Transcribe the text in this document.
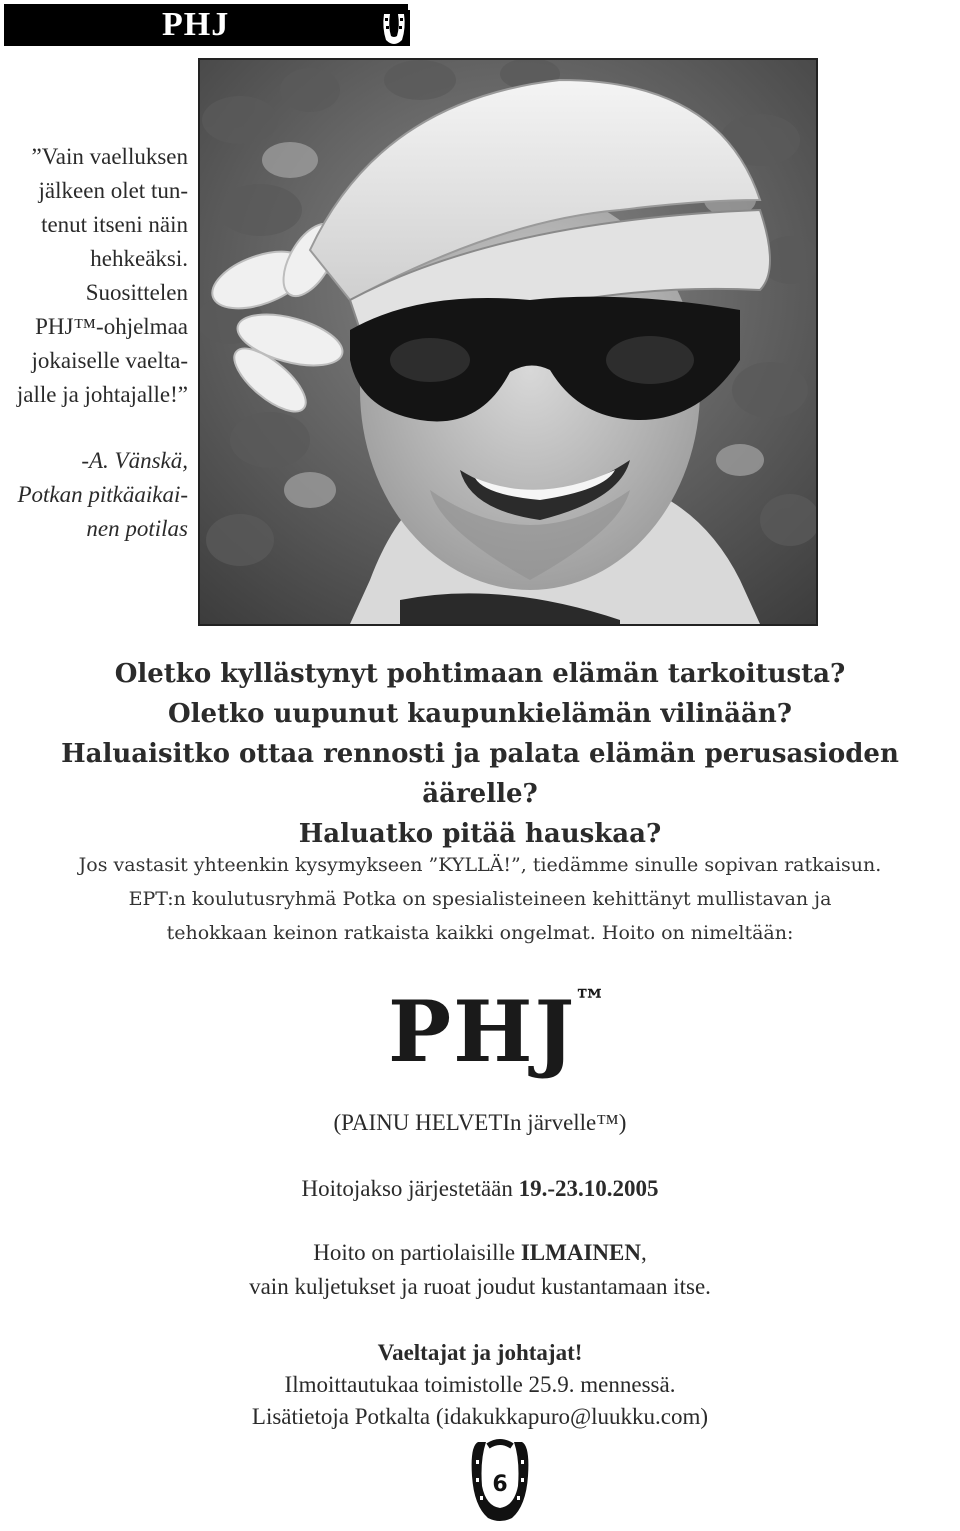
PHJ
”Vain vaelluksen
jälkeen olet tun-
tenut itseni näin
hehkeäksi.
Suosittelen
PHJ™-ohjelmaa
jokaiselle vaelta-
jalle ja johtajalle!”
-A. Vänskä,
Potkan pitkäaikai-
nen potilas
Oletko kyllästynyt pohtimaan elämän tarkoitusta?
Oletko uupunut kaupunkielämän vilinään?
Haluaisitko ottaa rennosti ja palata elämän perusasioden äärelle?
Haluatko pitää hauskaa?
Jos vastasit yhteenkin kysymykseen ”KYLLÄ!”, tiedämme sinulle sopivan ratkaisun.
EPT:n koulutusryhmä Potka on spesialisteineen kehittänyt mullistavan ja
tehokkaan keinon ratkaista kaikki ongelmat. Hoito on nimeltään:
PHJ
™
(PAINU HELVETIn järvelle™)
Hoitojakso järjestetään 19.-23.10.2005
Hoito on partiolaisille ILMAINEN,
vain kuljetukset ja ruoat joudut kustantamaan itse.
Vaeltajat ja johtajat!
Ilmoittautukaa toimistolle 25.9. mennessä.
Lisätietoja Potkalta (idakukkapuro@luukku.com)
6
